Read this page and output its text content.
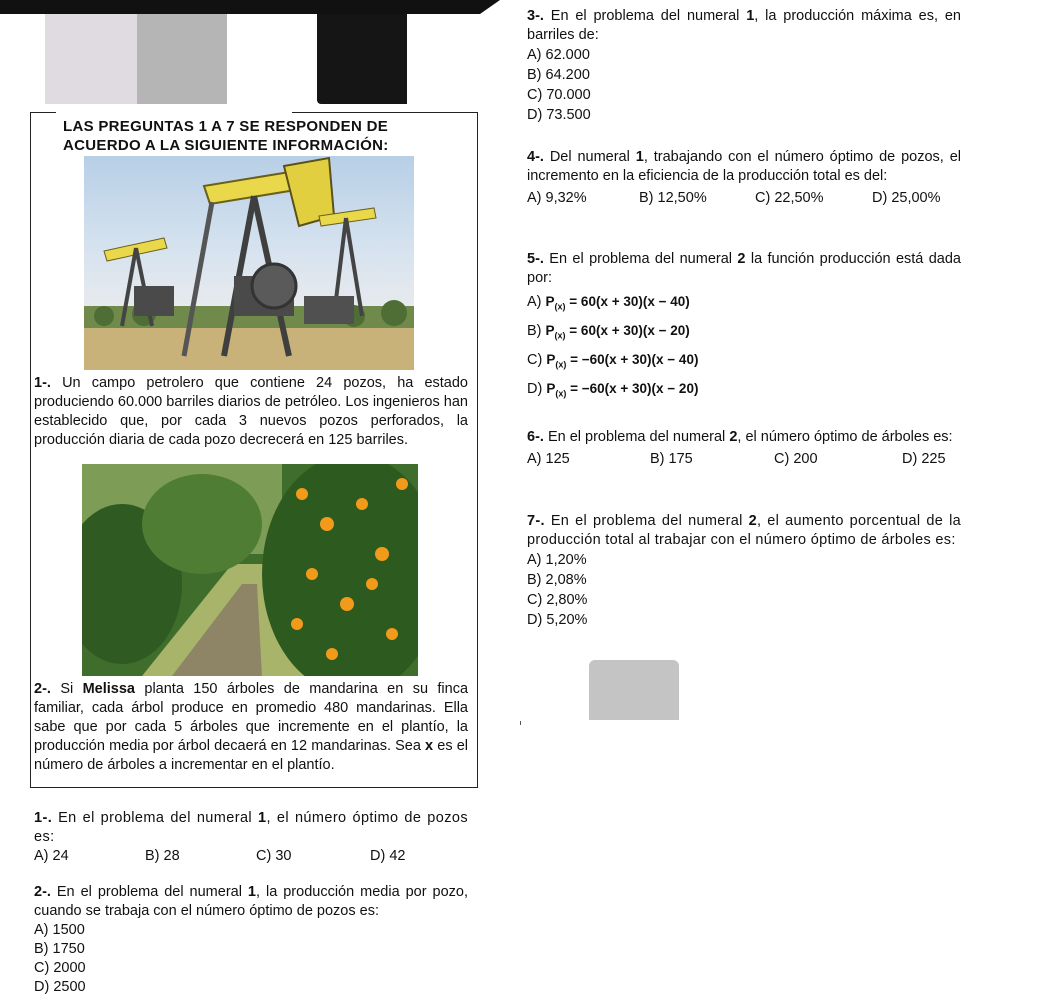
LAS PREGUNTAS 1 A 7 SE RESPONDEN DE
ACUERDO A LA SIGUIENTE INFORMACIÓN:

1-. Un campo petrolero que contiene 24 pozos, ha estado produciendo 60.000 barriles diarios de petróleo. Los ingenieros han establecido que, por cada 3 nuevos pozos perforados, la producción diaria de cada pozo decrecerá en 125 barriles.

2-. Si Melissa planta 150 árboles de mandarina en su finca familiar, cada árbol produce en promedio 480 mandarinas. Ella sabe que por cada 5 árboles que incremente en el plantío, la producción media por árbol decaerá en 12 mandarinas. Sea x es el número de árboles a incrementar en el plantío.

1-. En el problema del numeral 1, el número óptimo de pozos es:

A) 24	B) 28	C) 30	D) 42

2-. En el problema del numeral 1, la producción media por pozo, cuando se trabaja con el número óptimo de pozos es:

A) 1500
B) 1750
C) 2000
D) 2500

3-. En el problema del numeral 1, la producción máxima es, en barriles de:

A) 62.000
B) 64.200
C) 70.000
D) 73.500

4-. Del numeral 1, trabajando con el número óptimo de pozos, el incremento en la eficiencia de la producción total es del:

A) 9,32%	B) 12,50%	C) 22,50%	D) 25,00%

5-. En el problema del numeral 2 la función producción está dada por:

A) $P_{(x)} = 60(x + 30)(x - 40)$
B) $P_{(x)} = 60(x + 30)(x - 20)$
C) $P_{(x)} = -60(x + 30)(x - 40)$
D) $P_{(x)} = -60(x + 30)(x - 20)$

6-. En el problema del numeral 2, el número óptimo de árboles es:

A) 125	B) 175	C) 200	D) 225

7-. En el problema del numeral 2, el aumento porcentual de la producción total al trabajar con el número óptimo de árboles es:

A) 1,20%
B) 2,08%
C) 2,80%
D) 5,20%
